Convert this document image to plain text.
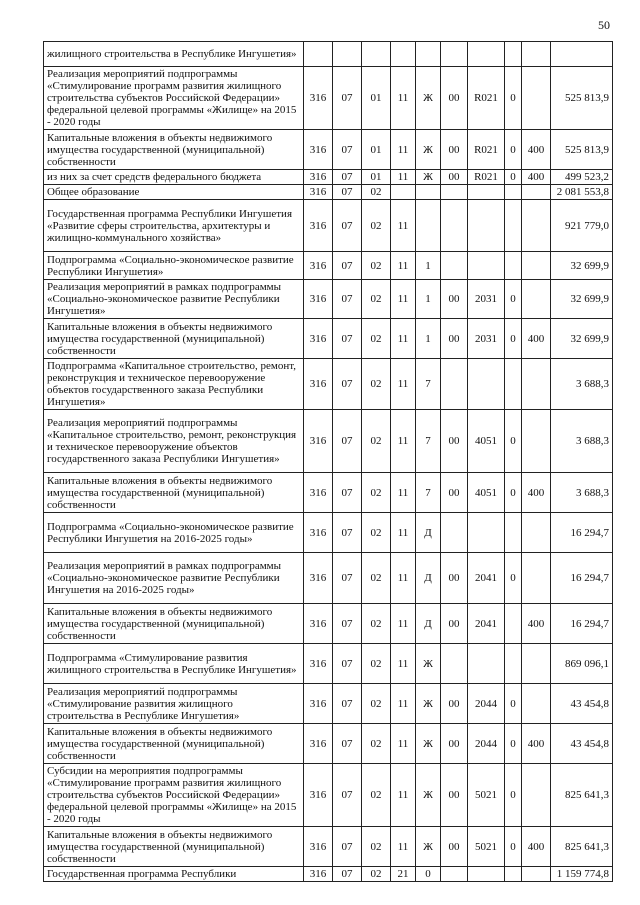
50
жилищного строительства в Республике Ингушетия»										
Реализация мероприятий подпрограммы «Стимулирование программ развития жилищного строительства субъектов Российской Федерации» федеральной целевой программы «Жилище» на 2015 - 2020 годы	316	07	01	11	Ж	00	R021	0		525 813,9
Капитальные вложения в объекты недвижимого имущества государственной (муниципальной) собственности	316	07	01	11	Ж	00	R021	0	400	525 813,9
из них за счет средств федерального бюджета	316	07	01	11	Ж	00	R021	0	400	499 523,2
Общее образование	316	07	02							2 081 553,8
Государственная программа Республики Ингушетия «Развитие сферы строительства, архитектуры и жилищно-коммунального хозяйства»	316	07	02	11						921 779,0
Подпрограмма «Социально-экономическое развитие Республики Ингушетия»	316	07	02	11	1					32 699,9
Реализация мероприятий в рамках подпрограммы «Социально-экономическое развитие Республики Ингушетия»	316	07	02	11	1	00	2031	0		32 699,9
Капитальные вложения в объекты недвижимого имущества государственной (муниципальной) собственности	316	07	02	11	1	00	2031	0	400	32 699,9
Подпрограмма «Капитальное строительство, ремонт, реконструкция и техническое перевооружение объектов государственного заказа Республики Ингушетия»	316	07	02	11	7					3 688,3
Реализация мероприятий подпрограммы «Капитальное строительство, ремонт, реконструкция и техническое перевооружение объектов государственного заказа Республики Ингушетия»	316	07	02	11	7	00	4051	0		3 688,3
Капитальные вложения в объекты недвижимого имущества государственной (муниципальной) собственности	316	07	02	11	7	00	4051	0	400	3 688,3
Подпрограмма «Социально-экономическое развитие Республики Ингушетия на 2016-2025 годы»	316	07	02	11	Д					16 294,7
Реализация мероприятий в рамках подпрограммы «Социально-экономическое развитие Республики Ингушетия на 2016-2025 годы»	316	07	02	11	Д	00	2041	0		16 294,7
Капитальные вложения в объекты недвижимого имущества государственной (муниципальной) собственности	316	07	02	11	Д	00	2041		400	16 294,7
Подпрограмма «Стимулирование развития жилищного строительства в Республике Ингушетия»	316	07	02	11	Ж					869 096,1
Реализация мероприятий подпрограммы «Стимулирование развития жилищного строительства в Республике Ингушетия»	316	07	02	11	Ж	00	2044	0		43 454,8
Капитальные вложения в объекты недвижимого имущества государственной (муниципальной) собственности	316	07	02	11	Ж	00	2044	0	400	43 454,8
Субсидии на мероприятия подпрограммы «Стимулирование программ развития жилищного строительства субъектов Российской Федерации» федеральной целевой программы «Жилище» на 2015 - 2020 годы	316	07	02	11	Ж	00	5021	0		825 641,3
Капитальные вложения в объекты недвижимого имущества государственной (муниципальной) собственности	316	07	02	11	Ж	00	5021	0	400	825 641,3
Государственная программа Республики	316	07	02	21	0					1 159 774,8
